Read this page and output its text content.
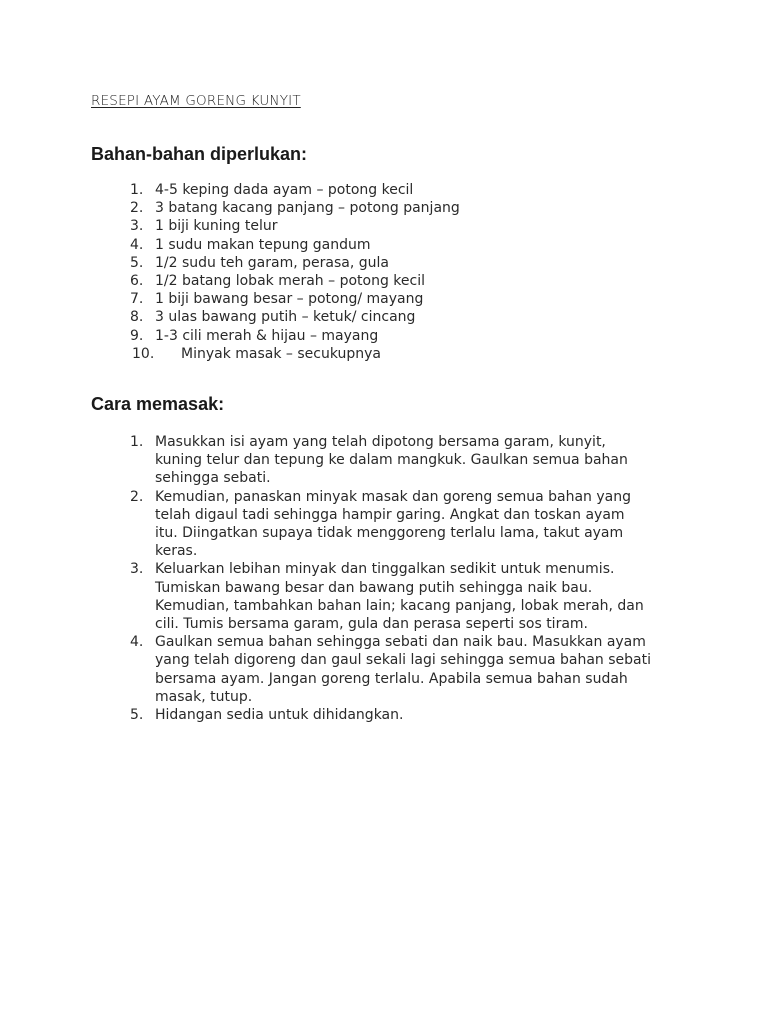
RESEPI AYAM GORENG KUNYIT
Bahan-bahan diperlukan:
1. 4-5 keping dada ayam – potong kecil
2. 3 batang kacang panjang – potong panjang
3. 1 biji kuning telur
4. 1 sudu makan tepung gandum
5. 1/2 sudu teh garam, perasa, gula
6. 1/2 batang lobak merah – potong kecil
7. 1 biji bawang besar – potong/ mayang
8. 3 ulas bawang putih – ketuk/ cincang
9. 1-3 cili merah & hijau – mayang
10.	Minyak masak – secukupnya
Cara memasak:
1. Masukkan isi ayam yang telah dipotong bersama garam, kunyit, kuning telur dan tepung ke dalam mangkuk. Gaulkan semua bahan sehingga sebati.
2. Kemudian, panaskan minyak masak dan goreng semua bahan yang telah digaul tadi sehingga hampir garing. Angkat dan toskan ayam itu. Diingatkan supaya tidak menggoreng terlalu lama, takut ayam keras.
3. Keluarkan lebihan minyak dan tinggalkan sedikit untuk menumis. Tumiskan bawang besar dan bawang putih sehingga naik bau. Kemudian, tambahkan bahan lain; kacang panjang, lobak merah, dan cili. Tumis bersama garam, gula dan perasa seperti sos tiram.
4. Gaulkan semua bahan sehingga sebati dan naik bau. Masukkan ayam yang telah digoreng dan gaul sekali lagi sehingga semua bahan sebati bersama ayam. Jangan goreng terlalu. Apabila semua bahan sudah masak, tutup.
5. Hidangan sedia untuk dihidangkan.
